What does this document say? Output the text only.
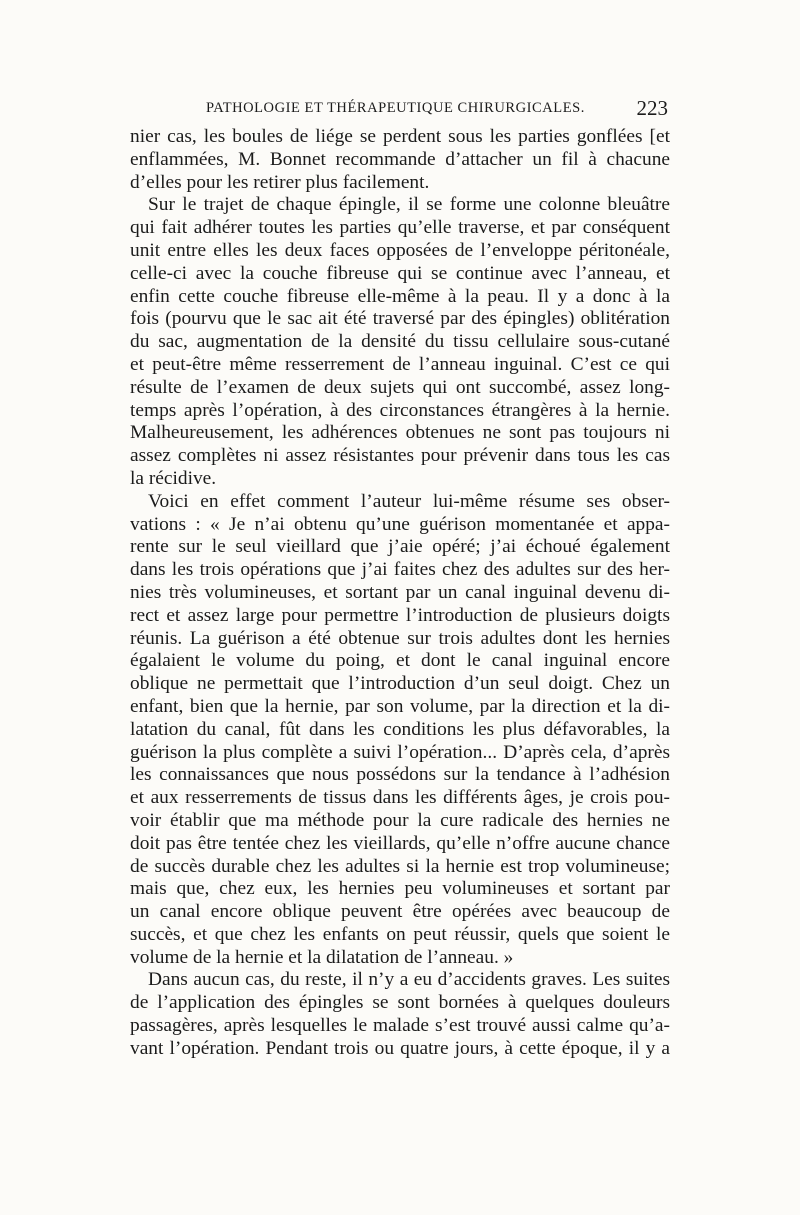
PATHOLOGIE ET THÉRAPEUTIQUE CHIRURGICALES. 223
nier cas, les boules de liége se perdent sous les parties gonflées [et
enflammées, M. Bonnet recommande d’attacher un fil à chacune
d’elles pour les retirer plus facilement.
Sur le trajet de chaque épingle, il se forme une colonne bleuâtre
qui fait adhérer toutes les parties qu’elle traverse, et par conséquent
unit entre elles les deux faces opposées de l’enveloppe péritonéale,
celle-ci avec la couche fibreuse qui se continue avec l’anneau, et
enfin cette couche fibreuse elle-même à la peau. Il y a donc à la
fois (pourvu que le sac ait été traversé par des épingles) oblitération
du sac, augmentation de la densité du tissu cellulaire sous-cutané
et peut-être même resserrement de l’anneau inguinal. C’est ce qui
résulte de l’examen de deux sujets qui ont succombé, assez long-
temps après l’opération, à des circonstances étrangères à la hernie.
Malheureusement, les adhérences obtenues ne sont pas toujours ni
assez complètes ni assez résistantes pour prévenir dans tous les cas
la récidive.
Voici en effet comment l’auteur lui-même résume ses obser-
vations : « Je n’ai obtenu qu’une guérison momentanée et appa-
rente sur le seul vieillard que j’aie opéré; j’ai échoué également
dans les trois opérations que j’ai faites chez des adultes sur des her-
nies très volumineuses, et sortant par un canal inguinal devenu di-
rect et assez large pour permettre l’introduction de plusieurs doigts
réunis. La guérison a été obtenue sur trois adultes dont les hernies
égalaient le volume du poing, et dont le canal inguinal encore
oblique ne permettait que l’introduction d’un seul doigt. Chez un
enfant, bien que la hernie, par son volume, par la direction et la di-
latation du canal, fût dans les conditions les plus défavorables, la
guérison la plus complète a suivi l’opération... D’après cela, d’après
les connaissances que nous possédons sur la tendance à l’adhésion
et aux resserrements de tissus dans les différents âges, je crois pou-
voir établir que ma méthode pour la cure radicale des hernies ne
doit pas être tentée chez les vieillards, qu’elle n’offre aucune chance
de succès durable chez les adultes si la hernie est trop volumineuse;
mais que, chez eux, les hernies peu volumineuses et sortant par
un canal encore oblique peuvent être opérées avec beaucoup de
succès, et que chez les enfants on peut réussir, quels que soient le
volume de la hernie et la dilatation de l’anneau. »
Dans aucun cas, du reste, il n’y a eu d’accidents graves. Les suites
de l’application des épingles se sont bornées à quelques douleurs
passagères, après lesquelles le malade s’est trouvé aussi calme qu’a-
vant l’opération. Pendant trois ou quatre jours, à cette époque, il y a
